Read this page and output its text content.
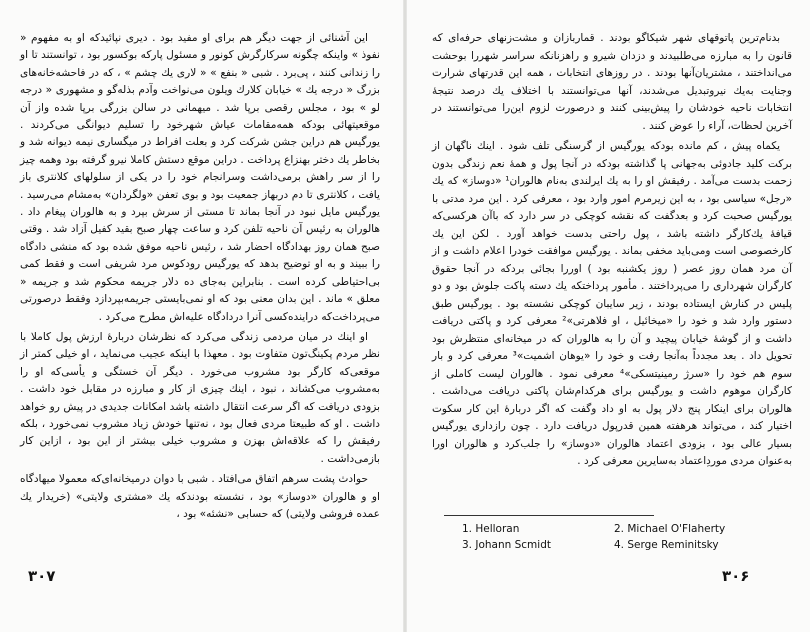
این آشنائی از جهت دیگر هم برای او مفید بود . دیری نپائیدکه او به مفهوم « نفوذ » واینکه چگونه سرکارگرش کونور و مسئول پارکه بوکسور بود ، توانستند تا او را زندانی کنند ، پی‌برد . شبی « بنفع » « لاری یك چشم » ، که در فاحشه‌خانه‌های بزرگ « درجه یك » خیابان کلارك ویلون می‌نواخت وآدم بذله‌گو و مشهوری « درجه لو » بود ، مجلس رقصی برپا شد . میهمانی در سالن بزرگی برپا شده واز آن موقعیتهائی بودکه همه‌مقامات عیاش شهرخود را تسلیم دیوانگی می‌کردند . یورگیس هم دراین جشن شرکت کرد و بعلت افراط در میگساری نیمه دیوانه شد و بخاطر یك دختر بهنزاع پرداخت . دراین موقع دستش کاملا نیرو گرفته بود وهمه چیز را از سر راهش برمی‌داشت وسرانجام خود را در یکی از سلولهای کلانتری باز یافت ، کلانتری تا دم دربهاز جمعیت بود و بوی تعفن «ولگردان» به‌مشام می‌رسید . یورگیس مایل نبود در آنجا بماند تا مستی از سرش بپرد و به هالوران پیغام داد . هالوران به رئیس آن ناحیه تلفن کرد و ساعت چهار صبح بقید کفیل آزاد شد . وقتی صبح همان روز بهدادگاه احضار شد ، رئیس ناحیه موفق شده بود که منشی دادگاه را ببیند و به او توضیح بدهد که یورگیس رودکوس مرد شریفی است و فقط کمی بی‌احتیاطی کرده است . بنابراین به‌جای ده دلار جریمه محکوم شد و جریمه « معلق » ماند . این بدان معنی بود که او نمی‌بایستی جریمه‌بپردازد وفقط درصورتی می‌پرداخت‌که دراینده‌کسی آنرا دردادگاه علیه‌اش مطرح می‌کرد .

او اینك در میان مردمی زندگی می‌کرد که نظرشان دربارهٔ ارزش پول کاملا با نظر مردم پکینگ‌تون متفاوت بود . معهذا با اینکه عجیب می‌نماید ، او خیلی کمتر از موقعی‌که کارگر بود مشروب می‌خورد . دیگر آن خستگی و یأسی‌که او را به‌مشروب می‌کشاند ، نبود ، اینك چیزی از کار و مبارزه در مقابل خود داشت . بزودی دریافت که اگر سرعت انتقال داشته باشد امکانات جدیدی در پیش رو خواهد داشت . او که طبیعتا مردی فعال بود ، نه‌تنها خودش زیاد مشروب نمی‌خورد ، بلکه رفیقش را که علاقه‌اش بهزن و مشروب خیلی بیشتر از این بود ، ازاین کار بازمی‌داشت .

حوادث پشت سرهم اتفاق می‌افتاد . شبی با دوان درمیخانه‌ای‌که معمولا میهادگاه او و هالوران «دوساز» بود ، نشسته بودندکه یك «مشتری ولایتی» (خریدار یك عمده فروشی ولایتی) که حسابی «نشئه» بود ،

۳۰۷

بدنام‌ترین پاتوقهای شهر شیکاگو بودند . قماربازان و مشت‌زنهای حرفه‌ای که قانون را به مبارزه می‌طلبیدند و دزدان شیرو و راهزنانکه سراسر شهررا بوحشت می‌انداختند ، مشتریان‌آنها بودند . در روزهای انتخابات ، همه این قدرتهای شرارت وجنایت به‌یك نیروتبدیل می‌شدند، آنها می‌توانستند با اختلاف یك درصد نتیجهٔ انتخابات ناحیه خودشان را پیش‌بینی کنند و درصورت لزوم این‌را می‌توانستند در آخرین لحظات، آراء را عوض کنند .

یکماه پیش ، کم مانده بودکه یورگیس از گرسنگی تلف شود . اینك ناگهان از برکت کلید جادوئی به‌جهانی پا گذاشته بودکه در آنجا پول و همهٔ نعم زندگی بدون زحمت بدست می‌آمد . رفیقش او را به یك ایرلندی به‌نام هالوران¹ «دوساز» که یك «رجل» سیاسی بود ، به این زیرمرم امور وارد بود ، معرفی کرد . این مرد مدتی با یورگیس صحبت کرد و بعدگفت که نقشه کوچکی در سر دارد که باآن هرکسی‌که قیافهٔ یك‌کارگر داشته باشد ، پول راحتی بدست خواهد آورد . لکن این یك کارخصوصی است ومی‌باید مخفی بماند . یورگیس موافقت خودرا اعلام داشت و از آن مرد همان روز عصر ( روز یکشنبه بود ) اوررا بجائی بردکه در آنجا حقوق کارگران شهرداری را می‌پرداختند . مأمور پرداختکه یك دسته پاکت جلوش بود و دو پلیس در کنارش ایستاده بودند ، زیر سایبان کوچکی نشسته بود . یورگیس طبق دستور وارد شد و خود را «میخائیل ، او فلاهرتی»² معرفی کرد و پاکتی دریافت داشت و از گوشهٔ خیابان پیچید و آن را به هالوران که در میخانه‌ای منتظرش بود تحویل داد . بعد مجدداً به‌آنجا رفت و خود را «یوهان اشمیت»³ معرفی کرد و بار سوم هم خود را «سرژ رمینیتسکی»⁴ معرفی نمود . هالوران لیست کاملی از کارگران موهوم داشت و یورگیس برای هرکدام‌شان پاکتی دریافت می‌داشت . هالوران برای اینکار پنج دلار پول به او داد وگفت که اگر دربارهٔ این کار سکوت اختیار کند ، می‌تواند هرهفته همین قدرپول دریافت دارد . چون رازداری یورگیس بسیار عالی بود ، بزودی اعتماد هالوران «دوساز» را جلب‌کرد و هالوران اورا به‌عنوان مردی موردِاعتماد به‌سایرین معرفی کرد .

1. Helloran	2. Michael O'Flaherty
3. Johann Scmidt	4. Serge Reminitsky
۳۰۶
